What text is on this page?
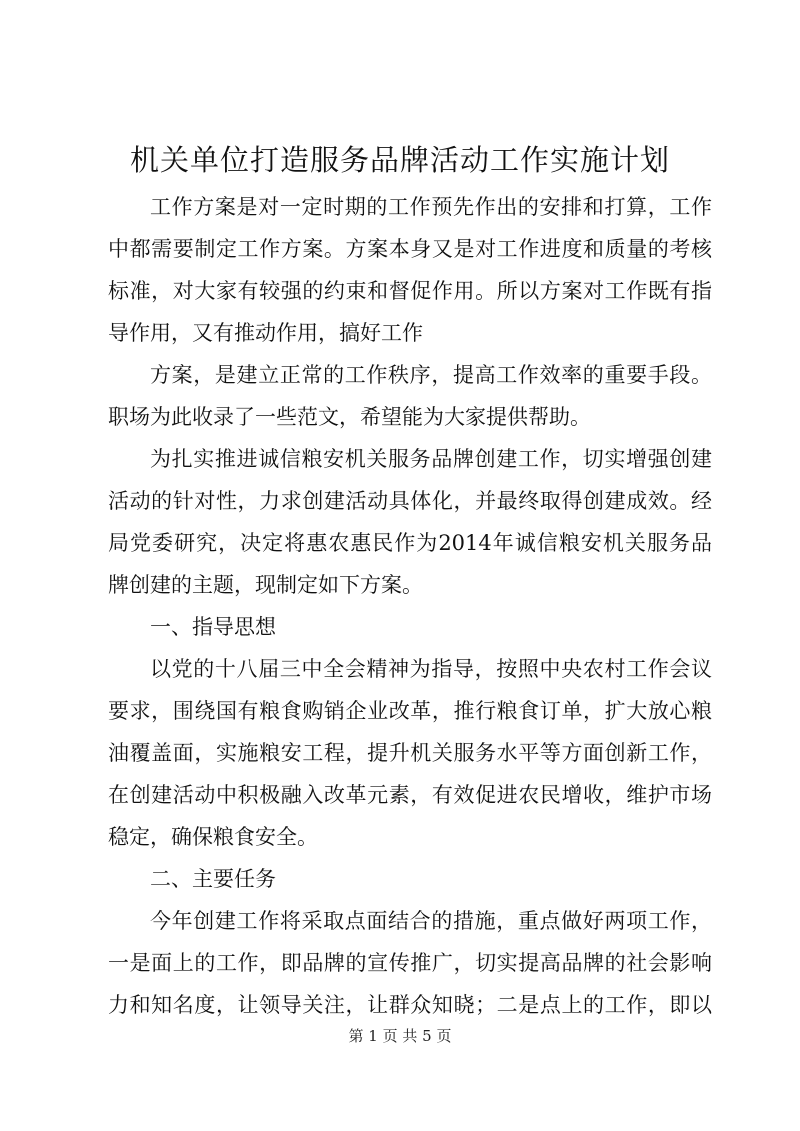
机关单位打造服务品牌活动工作实施计划
工作方案是对一定时期的工作预先作出的安排和打算，工作
中都需要制定工作方案。方案本身又是对工作进度和质量的考核
标准，对大家有较强的约束和督促作用。所以方案对工作既有指
导作用，又有推动作用，搞好工作
方案，是建立正常的工作秩序，提高工作效率的重要手段。
职场为此收录了一些范文，希望能为大家提供帮助。
为扎实推进诚信粮安机关服务品牌创建工作，切实增强创建
活动的针对性，力求创建活动具体化，并最终取得创建成效。经
局党委研究，决定将惠农惠民作为2014年诚信粮安机关服务品
牌创建的主题，现制定如下方案。
一、指导思想
以党的十八届三中全会精神为指导，按照中央农村工作会议
要求，围绕国有粮食购销企业改革，推行粮食订单，扩大放心粮
油覆盖面，实施粮安工程，提升机关服务水平等方面创新工作，
在创建活动中积极融入改革元素，有效促进农民增收，维护市场
稳定，确保粮食安全。
二、主要任务
今年创建工作将采取点面结合的措施，重点做好两项工作，
一是面上的工作，即品牌的宣传推广，切实提高品牌的社会影响
力和知名度，让领导关注，让群众知晓；二是点上的工作，即以
第 1 页 共 5 页
